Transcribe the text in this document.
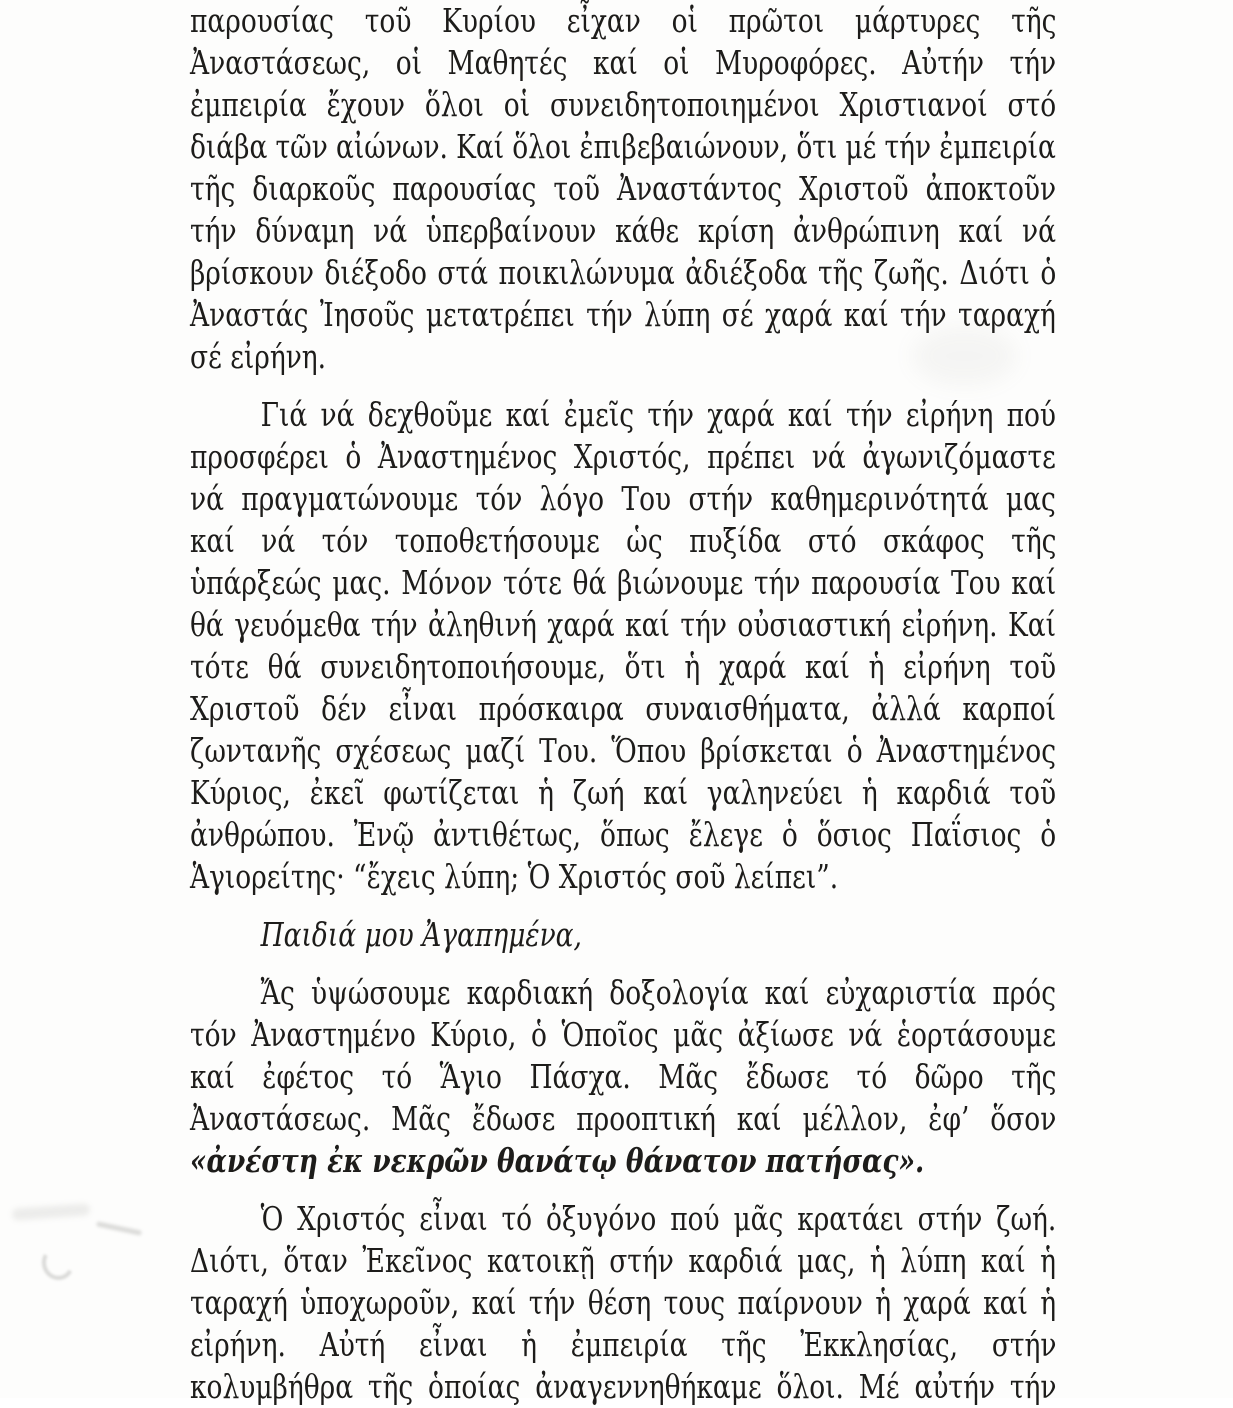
παρουσίας τοῦ Κυρίου εἶχαν οἱ πρῶτοι μάρτυρες τῆς
Ἀναστάσεως, οἱ Μαθητές καί οἱ Μυροφόρες. Αὐτήν τήν
ἐμπειρία ἔχουν ὅλοι οἱ συνειδητοποιημένοι Χριστιανοί στό
διάβα τῶν αἰώνων. Καί ὅλοι ἐπιβεβαιώνουν, ὅτι μέ τήν ἐμπειρία
τῆς διαρκοῦς παρουσίας τοῦ Ἀναστάντος Χριστοῦ ἀποκτοῦν
τήν δύναμη νά ὑπερβαίνουν κάθε κρίση ἀνθρώπινη καί νά
βρίσκουν διέξοδο στά ποικιλώνυμα ἀδιέξοδα τῆς ζωῆς. Διότι ὁ
Ἀναστάς Ἰησοῦς μετατρέπει τήν λύπη σέ χαρά καί τήν ταραχή
σέ εἰρήνη.
Γιά νά δεχθοῦμε καί ἐμεῖς τήν χαρά καί τήν εἰρήνη πού
προσφέρει ὁ Ἀναστημένος Χριστός, πρέπει νά ἀγωνιζόμαστε
νά πραγματώνουμε τόν λόγο Του στήν καθημερινότητά μας
καί νά τόν τοποθετήσουμε ὡς πυξίδα στό σκάφος τῆς
ὑπάρξεώς μας. Μόνον τότε θά βιώνουμε τήν παρουσία Του καί
θά γευόμεθα τήν ἀληθινή χαρά καί τήν οὐσιαστική εἰρήνη. Καί
τότε θά συνειδητοποιήσουμε, ὅτι ἡ χαρά καί ἡ εἰρήνη τοῦ
Χριστοῦ δέν εἶναι πρόσκαιρα συναισθήματα, ἀλλά καρποί
ζωντανῆς σχέσεως μαζί Του. Ὅπου βρίσκεται ὁ Ἀναστημένος
Κύριος, ἐκεῖ φωτίζεται ἡ ζωή καί γαληνεύει ἡ καρδιά τοῦ
ἀνθρώπου. Ἐνῷ ἀντιθέτως, ὅπως ἔλεγε ὁ ὅσιος Παΐσιος ὁ
Ἁγιορείτης· “ἔχεις λύπη; Ὁ Χριστός σοῦ λείπει”.
Παιδιά μου Ἀγαπημένα,
Ἄς ὑψώσουμε καρδιακή δοξολογία καί εὐχαριστία πρός
τόν Ἀναστημένο Κύριο, ὁ Ὁποῖος μᾶς ἀξίωσε νά ἑορτάσουμε
καί ἐφέτος τό Ἅγιο Πάσχα. Μᾶς ἔδωσε τό δῶρο τῆς
Ἀναστάσεως. Μᾶς ἔδωσε προοπτική καί μέλλον, ἐφ’ ὅσον
«ἀνέστη ἐκ νεκρῶν θανάτῳ θάνατον πατήσας».
Ὁ Χριστός εἶναι τό ὀξυγόνο πού μᾶς κρατάει στήν ζωή.
Διότι, ὅταν Ἐκεῖνος κατοικῇ στήν καρδιά μας, ἡ λύπη καί ἡ
ταραχή ὑποχωροῦν, καί τήν θέση τους παίρνουν ἡ χαρά καί ἡ
εἰρήνη. Αὐτή εἶναι ἡ ἐμπειρία τῆς Ἐκκλησίας, στήν
κολυμβήθρα τῆς ὁποίας ἀναγεννηθήκαμε ὅλοι. Μέ αὐτήν τήν
